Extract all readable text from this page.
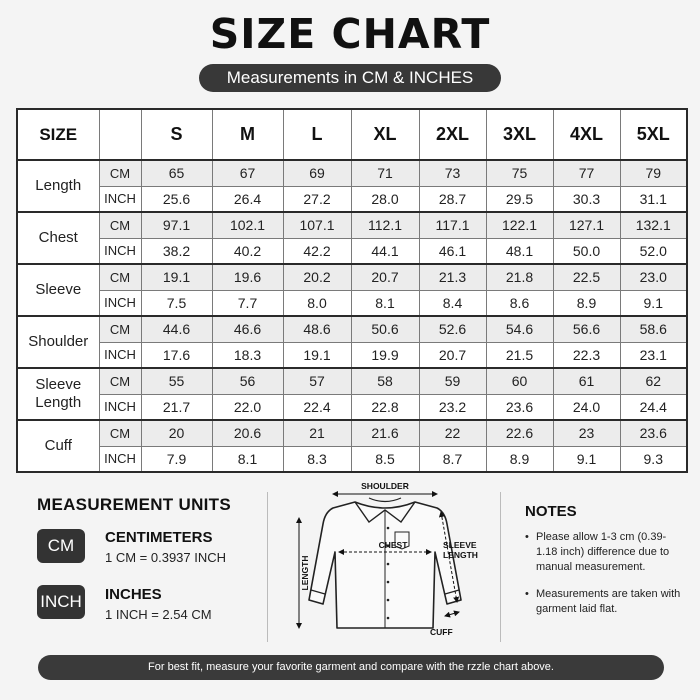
SIZE CHART
Measurements in CM & INCHES
SIZE		S	M	L	XL	2XL	3XL	4XL	5XL
Length	CM	65	67	69	71	73	75	77	79
	INCH	25.6	26.4	27.2	28.0	28.7	29.5	30.3	31.1
Chest	CM	97.1	102.1	107.1	112.1	117.1	122.1	127.1	132.1
	INCH	38.2	40.2	42.2	44.1	46.1	48.1	50.0	52.0
Sleeve	CM	19.1	19.6	20.2	20.7	21.3	21.8	22.5	23.0
	INCH	7.5	7.7	8.0	8.1	8.4	8.6	8.9	9.1
Shoulder	CM	44.6	46.6	48.6	50.6	52.6	54.6	56.6	58.6
	INCH	17.6	18.3	19.1	19.9	20.7	21.5	22.3	23.1
Sleeve Length	CM	55	56	57	58	59	60	61	62
	INCH	21.7	22.0	22.4	22.8	23.2	23.6	24.0	24.4
Cuff	CM	20	20.6	21	21.6	22	22.6	23	23.6
	INCH	7.9	8.1	8.3	8.5	8.7	8.9	9.1	9.3
MEASUREMENT UNITS
CM	CENTIMETERS
1 CM = 0.3937 INCH
INCH INCHES
1 INCH = 2.54 CM
SHOULDER
CHEST
LENGTH
SLEEVE
LENGTH
CUFF
NOTES
• Please allow 1-3 cm (0.39-1.18 inch) difference due to manual measurement.
• Measurements are taken with garment laid flat.
For best fit, measure your favorite garment and compare with the rzzle chart above.
